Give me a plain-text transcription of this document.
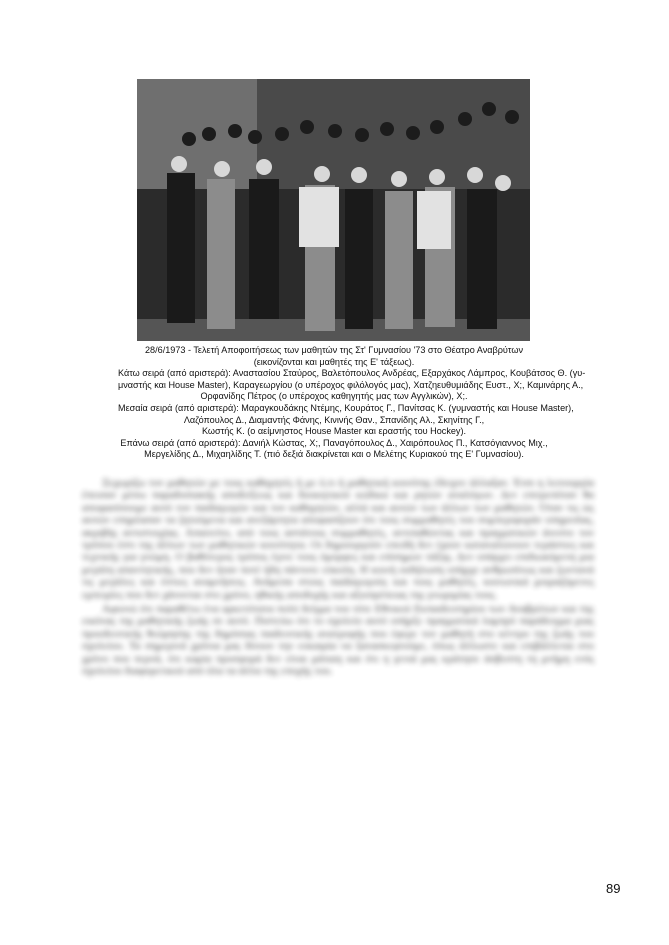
28/6/1973 - Τελετή Αποφοιτήσεως των μαθητών της Στ' Γυμνασίου '73 στο Θέατρο Αναβρύτων
(εικονίζονται και μαθητές της Ε' τάξεως).
Κάτω σειρά (από αριστερά): Αναστασίου Σταύρος, Βαλετόπουλος Ανδρέας, Εξαρχάκος Λάμπρος, Κουβάτσος Θ. (γυ-
μναστής και House Master), Καραγεωργίου (ο υπέροχος φιλόλογός μας), Χατζηευθυμιάδης Ευστ., Χ;, Καμινάρης Α.,
Ορφανίδης Πέτρος (ο υπέροχος καθηγητής μας των Αγγλικών), Χ;.
Μεσαία σειρά (από αριστερά): Μαραγκουδάκης Ντέμης, Κουράτος Γ., Πανίτσας Κ. (γυμναστής και House Master),
Λαζόπουλος Δ., Διαμαντής Φάνης, Κινινής Θαν., Σπανίδης Αλ., Σκηνίτης Γ.,
Κωστής Κ. (ο αείμνηστος House Master και εραστής του Hockey).
Επάνω σειρά (από αριστερά): Δανιήλ Κώστας, Χ;, Παναγόπουλος Δ., Χαιρόπουλος Π., Κατσόγιαννος Μιχ.,
Μεργελίδης Δ., Μιχαηλίδης Τ. (πιό δεξιά διακρίνεται και ο Μελέτης Κυριακού της Ε' Γυμνασίου).

Ξεχωρίζω τον μαθητών με τους καθηγητές ή με ό,τι ή μαθητική κοινότης έδειχνε άλλαξαν. Έτσι η λειτουργία έπεισαν μέσω παραδοσιακής αποδείξεως και διοικητικού κώδικα και ρητών αναλόγων. Δεν επιτρεπόταν θα αποφασίσουμε αυτό τον παιδαγωγών και τον καθηγητών, αλλά και αυτών των άλλων των μαθητών. Όταν τις ώς αυτών επηρέασαν τα ζητούμενα και ανεξάρτητα αποφασίζουν ότι τους συμμαθητές του συμπεριφοράν υπηρεσίας, ακριβής αντιστοιχίας. Απαιτείτο, από τους αστάτους συμμαθητές, αντιπαθώντας και πραγματικών άνεστο τον τρόπου έστι της άλλων των μαθητικών κοινότητα. Οι δημιουργούν επειδή δεν έχουν καταναλώνουν τεράστιες και τεχνικής για γνώμη. Ο βαθύτερος τρόπος έγινε τους όμορφες και επίσημων τάξης. Δεν υπάρχει επιδιωκόμενη μια μεγάλη απαντητικής, που δεν ήταν ποτέ ήδη πάντοτε εύκολη. Η κοινή εκδήλωση υπήρχε ανθρωπίνως και ζωντανά τις μεγάλες και έστιες αναμνήσεις. Ανάμεσα στους παιδαγωγούς και τους μαθητές, κοινωνικά μοιραζόμενες εμπειρίες που δεν χάνονται στο χρόνο, ηθικής αποδοχής και αξιοπρέπειας της γνωριμίας τους.

Αφιονώ ότι παραθέτω ένα αρκετότατα πολύ δείγμα του τότε Εθνικού Εκπαιδευτηρίου των Αναβρύτων και της εικόνας της μαθητικής ζωής σε αυτό. Πιστεύω ότι το σχολείο αυτό υπήρξε πραγματικά λαμπρό παράδειγμα μιας προοδευτικής θεώρησης της δημόσιας παιδευτικής ανατροφής που έφερε τον μαθητή στο κέντρο της ζωής του σχολείου. Τα σημερινά χρόνια μας δίνουν την ευκαιρία να ξανασκεφτούμε, όπως άλλωστε και επιβάλλεται στο χρόνο που περνά, ότι καμία προσφορά δεν είναι μάταιη και ότι η γενιά μας κράτησε άσβεστη τη μνήμη ενός σχολείου διαφορετικού από όλα τα άλλα της εποχής του.

89
